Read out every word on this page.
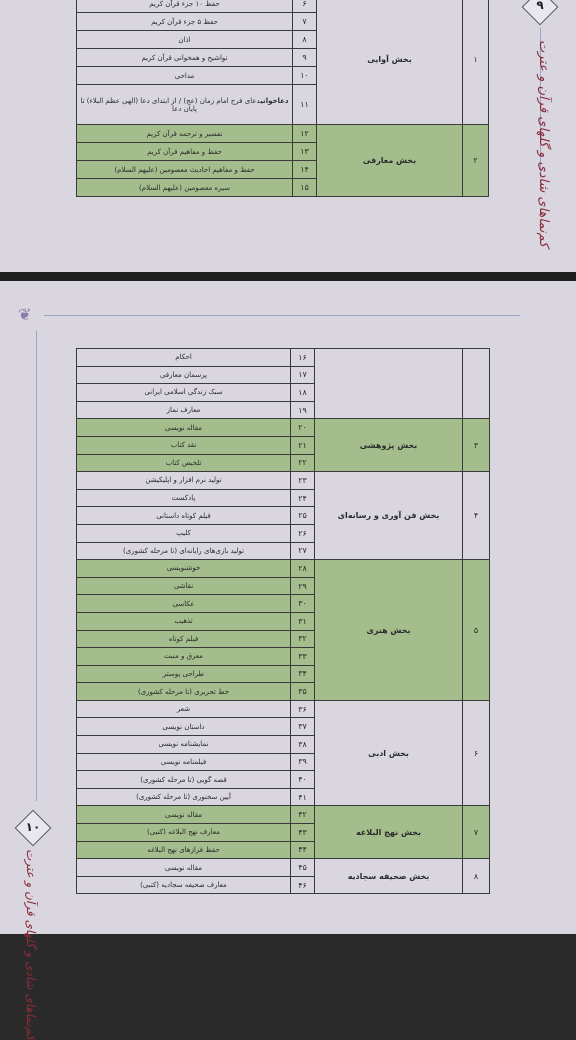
۹
کم‌نماهای شادی و گلهای قرآن و عترت
۱	بخش آوایی	۶	حفظ ۱۰ جزء قرآن کریم
		۷	حفظ ۵ جزء قرآن کریم
		۸	اذان
		۹	تواشیح و همخوانی قرآن کریم
		۱۰	مداحی
		۱۱	دعاخوانیدعای فرج امام زمان (عج) / از ابتدای دعا (الهی عظم البلاء) تا پایان دعا
۲	بخش معارفی	۱۲	تفسیر و ترجمه قرآن کریم
		۱۳	حفظ و مفاهیم قرآن کریم
		۱۴	حفظ و مفاهیم احادیث معصومین (علیهم السلام)
		۱۵	سیره معصومین (علیهم السلام)
❦
۱۰
کم‌نماهای شادی و گلهای قرآن و عترت
		۱۶	احکام
		۱۷	پرسمان معارفی
		۱۸	سبک زندگی اسلامی ایرانی
		۱۹	معارف نماز
۳	بخش پژوهشی	۲۰	مقاله نویسی
		۲۱	نقد کتاب
		۲۲	تلخیص کتاب
۴	بخش فن آوری و رسانه‌ای	۲۳	تولید نرم افزار و اپلیکیشن
		۲۴	پادکست
		۲۵	فیلم کوتاه داستانی
		۲۶	کلیپ
		۲۷	تولید بازی‌های رایانه‌ای (تا مرحله کشوری)
۵	بخش هنری	۲۸	خوشنویسی
		۲۹	نقاشی
		۳۰	عکاسی
		۳۱	تذهیب
		۳۲	فیلم کوتاه
		۳۳	معرق و منبت
		۳۴	طراحی پوستر
		۳۵	خط تحریری (تا مرحله کشوری)
۶	بخش ادبی	۳۶	شعر
		۳۷	داستان نویسی
		۳۸	نمایشنامه نویسی
		۳۹	فیلمنامه نویسی
		۴۰	قصه گویی (تا مرحله کشوری)
		۴۱	آیین سخنوری (تا مرحله کشوری)
۷	بخش نهج البلاغه	۴۲	مقاله نویسی
		۴۳	معارف نهج البلاغه (کتبی)
		۴۴	حفظ فرازهای نهج البلاغه
۸	بخش صحیفه سجادیه	۴۵	مقاله نویسی
		۴۶	معارف صحیفه سجادیه (کتبی)
